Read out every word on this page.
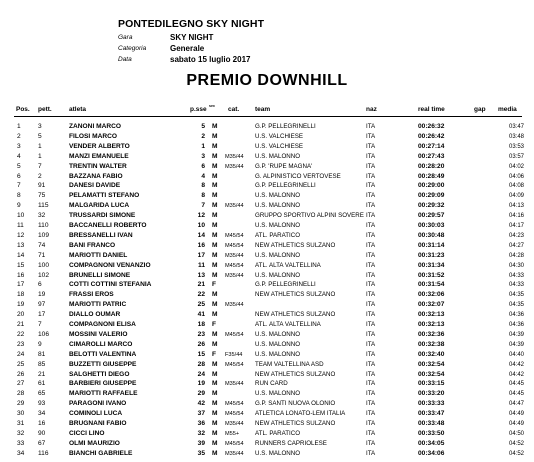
PONTEDILEGNO SKY NIGHT
Gara	SKY NIGHT
Categoria	Generale
Data	sabato 15 luglio 2017
PREMIO DOWNHILL
Pos. pett.	atleta	p.sse sex cat. team	naz	real time	gap media
1	3	ZANONI MARCO	5 M	G.P. PELLEGRINELLI	ITA	00:26:32	03:47
2	5	FILOSI MARCO	2 M	U.S. VALCHIESE	ITA	00:26:42	03:48
3	1	VENDER ALBERTO	1 M	U.S. VALCHIESE	ITA	00:27:14	03:53
4	1	MANZI EMANUELE	3 M M35/44 U.S. MALONNO	ITA	00:27:43	03:57
5	7	TRENTIN WALTER	6 M M35/44 G.P. 'RUPE MAGNA'	ITA	00:28:20	04:02
6	2	BAZZANA FABIO	4 M	G. ALPINISTICO VERTOVESE	ITA	00:28:49	04:06
7	91	DANESI DAVIDE	8 M	G.P. PELLEGRINELLI	ITA	00:29:00	04:08
8	75	PELAMATTI STEFANO	8 M	U.S. MALONNO	ITA	00:29:09	04:09
9	115	MALGARIDA LUCA	7 M M35/44 U.S. MALONNO	ITA	00:29:32	04:13
10 32	TRUSSARDI SIMONE	12 M	GRUPPO SPORTIVO ALPINI SOVERE ITA	00:29:57	04:16
11 110	BACCANELLI ROBERTO	10 M	U.S. MALONNO	ITA	00:30:03	04:17
12 109	BRESSANELLI IVAN	14 M M45/54 ATL. PARATICO	ITA	00:30:48	04:23
13 74	BANI FRANCO	16 M M45/54 NEW ATHLETICS SULZANO	ITA	00:31:14	04:27
14 71	MARIOTTI DANIEL	17 M M35/44 U.S. MALONNO	ITA	00:31:23	04:28
15 100	COMPAGNONI VENANZIO	11 M M45/54 ATL. ALTA VALTELLINA	ITA	00:31:34	04:30
16 102	BRUNELLI SIMONE	13 M M35/44 U.S. MALONNO	ITA	00:31:52	04:33
17 6	COTTI COTTINI STEFANIA	21 F	G.P. PELLEGRINELLI	ITA	00:31:54	04:33
18 19	FRASSI EROS	22 M	NEW ATHLETICS SULZANO	ITA	00:32:06	04:35
19 97	MARIOTTI PATRIC	25 M M35/44	ITA	00:32:07	04:35
20 17	DIALLO OUMAR	41 M	NEW ATHLETICS SULZANO	ITA	00:32:13	04:36
21 7	COMPAGNONI ELISA	18 F	ATL. ALTA VALTELLINA	ITA	00:32:13	04:36
22 106	MOSSINI VALERIO	23 M M45/54 U.S. MALONNO	ITA	00:32:36	04:39
23 9	CIMAROLLI MARCO	26 M	U.S. MALONNO	ITA	00:32:38	04:39
24 81	BELOTTI VALENTINA	15 F F35/44 U.S. MALONNO	ITA	00:32:40	04:40
25 85	BUZZETTI GIUSEPPE	28 M M45/54 TEAM VALTELLINA ASD	ITA	00:32:54	04:42
26 21	SALGHETTI DIEGO	24 M	NEW ATHLETICS SULZANO	ITA	00:32:54	04:42
27 61	BARBIERI GIUSEPPE	19 M M35/44 RUN CARD	ITA	00:33:15	04:45
28 65	MARIOTTI RAFFAELE	29 M	U.S. MALONNO	ITA	00:33:20	04:45
29 93	PARAGONI IVANO	42 M M45/54 G.P. SANTI NUOVA OLONIO	ITA	00:33:33	04:47
30 34	COMINOLI LUCA	37 M M45/54 ATLETICA LONATO-LEM ITALIA	ITA	00:33:47	04:49
31 16	BRUGNANI FABIO	36 M M35/44 NEW ATHLETICS SULZANO	ITA	00:33:48	04:49
32 90	CICCI LINO	32 M M55+	ATL. PARATICO	ITA	00:33:50	04:50
33 67	OLMI MAURIZIO	39 M M45/54 RUNNERS CAPRIOLESE	ITA	00:34:05	04:52
34 116	BIANCHI GABRIELE	35 M M35/44 U.S. MALONNO	ITA	00:34:06	04:52
